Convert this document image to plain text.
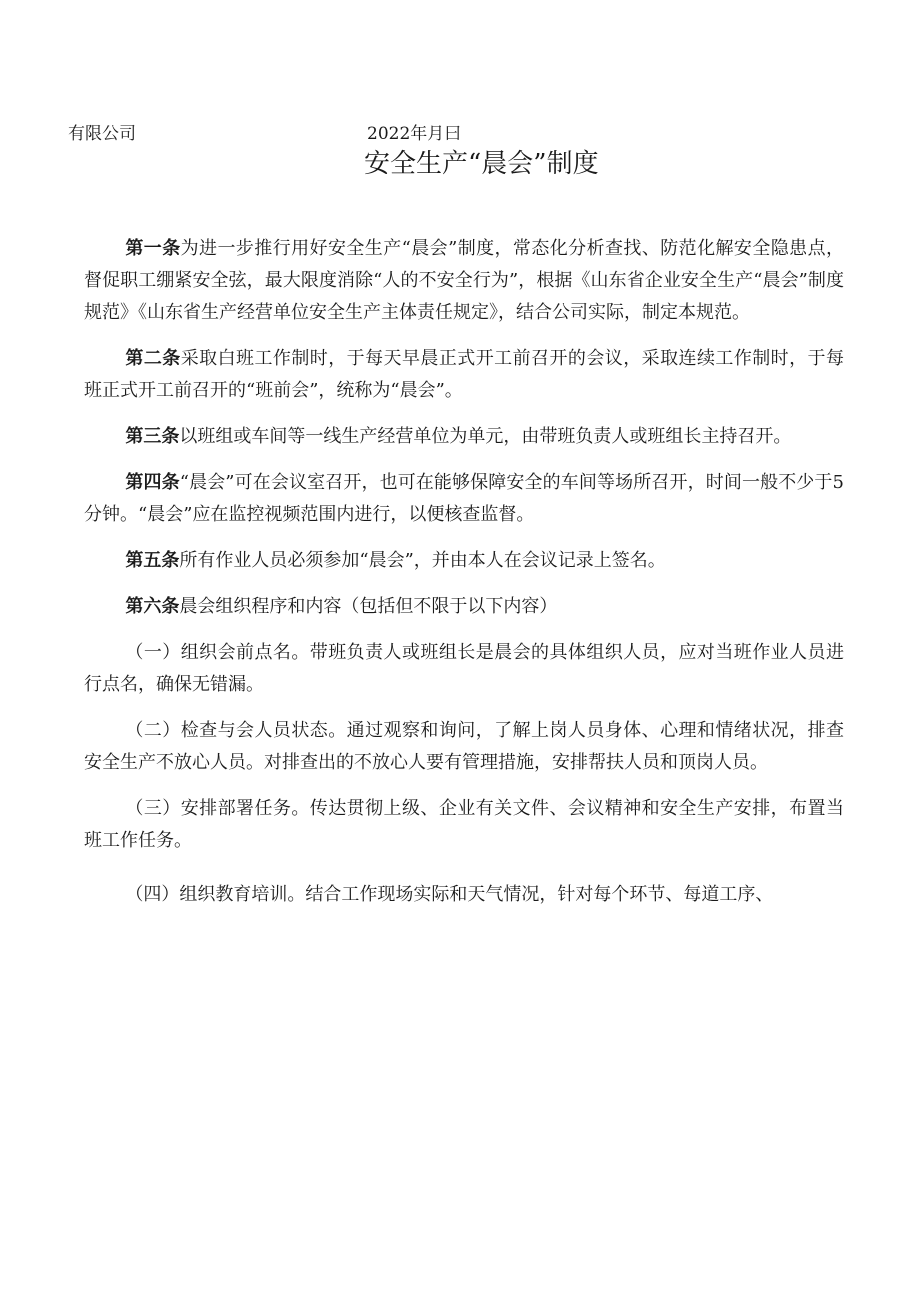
有限公司	2022年月曰
安全生产“晨会”制度

第一条为进一步推行用好安全生产“晨会”制度，常态化分析查找、防范化解安全隐患点，督促职工绷紧安全弦，最大限度消除“人的不安全行为”，根据《山东省企业安全生产“晨会”制度规范》《山东省生产经营单位安全生产主体责任规定》，结合公司实际，制定本规范。

第二条采取白班工作制时，于每天早晨正式开工前召开的会议，采取连续工作制时，于每班正式开工前召开的“班前会”，统称为“晨会”。

第三条以班组或车间等一线生产经营单位为单元，由带班负责人或班组长主持召开。

第四条“晨会”可在会议室召开，也可在能够保障安全的车间等场所召开，时间一般不少于5分钟。“晨会”应在监控视频范围内进行，以便核查监督。

第五条所有作业人员必须参加“晨会”，并由本人在会议记录上签名。

第六条晨会组织程序和内容（包括但不限于以下内容）

（一）组织会前点名。带班负责人或班组长是晨会的具体组织人员，应对当班作业人员进行点名，确保无错漏。

（二）检查与会人员状态。通过观察和询问，了解上岗人员身体、心理和情绪状况，排查安全生产不放心人员。对排查出的不放心人要有管理措施，安排帮扶人员和顶岗人员。

（三）安排部署任务。传达贯彻上级、企业有关文件、会议精神和安全生产安排，布置当班工作任务。

（四）组织教育培训。结合工作现场实际和天气情况，针对每个环节、每道工序、
